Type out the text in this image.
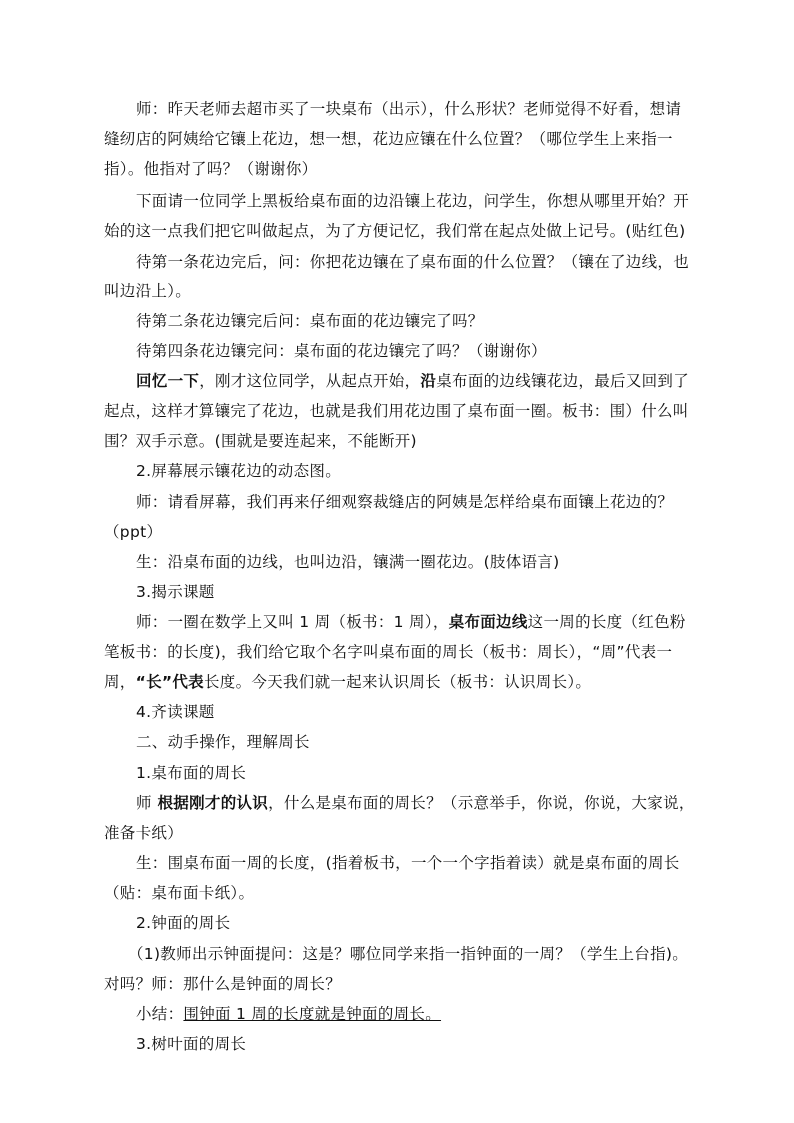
师：昨天老师去超市买了一块桌布（出示），什么形状？老师觉得不好看，想请
缝纫店的阿姨给它镶上花边，想一想，花边应镶在什么位置？（哪位学生上来指一
指）。他指对了吗？（谢谢你）
下面请一位同学上黑板给桌布面的边沿镶上花边，问学生，你想从哪里开始？开
始的这一点我们把它叫做起点，为了方便记忆，我们常在起点处做上记号。(贴红色)
待第一条花边完后，问：你把花边镶在了桌布面的什么位置？（镶在了边线，也
叫边沿上）。
待第二条花边镶完后问：桌布面的花边镶完了吗？
待第四条花边镶完问：桌布面的花边镶完了吗？（谢谢你）
回忆一下，刚才这位同学，从起点开始，沿桌布面的边线镶花边，最后又回到了
起点，这样才算镶完了花边，也就是我们用花边围了桌布面一圈。板书：围）什么叫
围？双手示意。(围就是要连起来，不能断开)
2.屏幕展示镶花边的动态图。
师：请看屏幕，我们再来仔细观察裁缝店的阿姨是怎样给桌布面镶上花边的？
（ppt）
生：沿桌布面的边线，也叫边沿，镶满一圈花边。(肢体语言)
3.揭示课题
师：一圈在数学上又叫 1 周（板书：1 周），桌布面边线这一周的长度（红色粉
笔板书：的长度)，我们给它取个名字叫桌布面的周长（板书：周长），“周”代表一
周，“长”代表长度。今天我们就一起来认识周长（板书：认识周长）。
4.齐读课题
二、动手操作，理解周长
1.桌布面的周长
师 根据刚才的认识，什么是桌布面的周长？（示意举手，你说，你说，大家说，
准备卡纸）
生：围桌布面一周的长度，(指着板书，一个一个字指着读）就是桌布面的周长
（贴：桌布面卡纸）。
2.钟面的周长
（1)教师出示钟面提问：这是？哪位同学来指一指钟面的一周？（学生上台指)。
对吗？师：那什么是钟面的周长？
小结：围钟面 1 周的长度就是钟面的周长。
3.树叶面的周长
